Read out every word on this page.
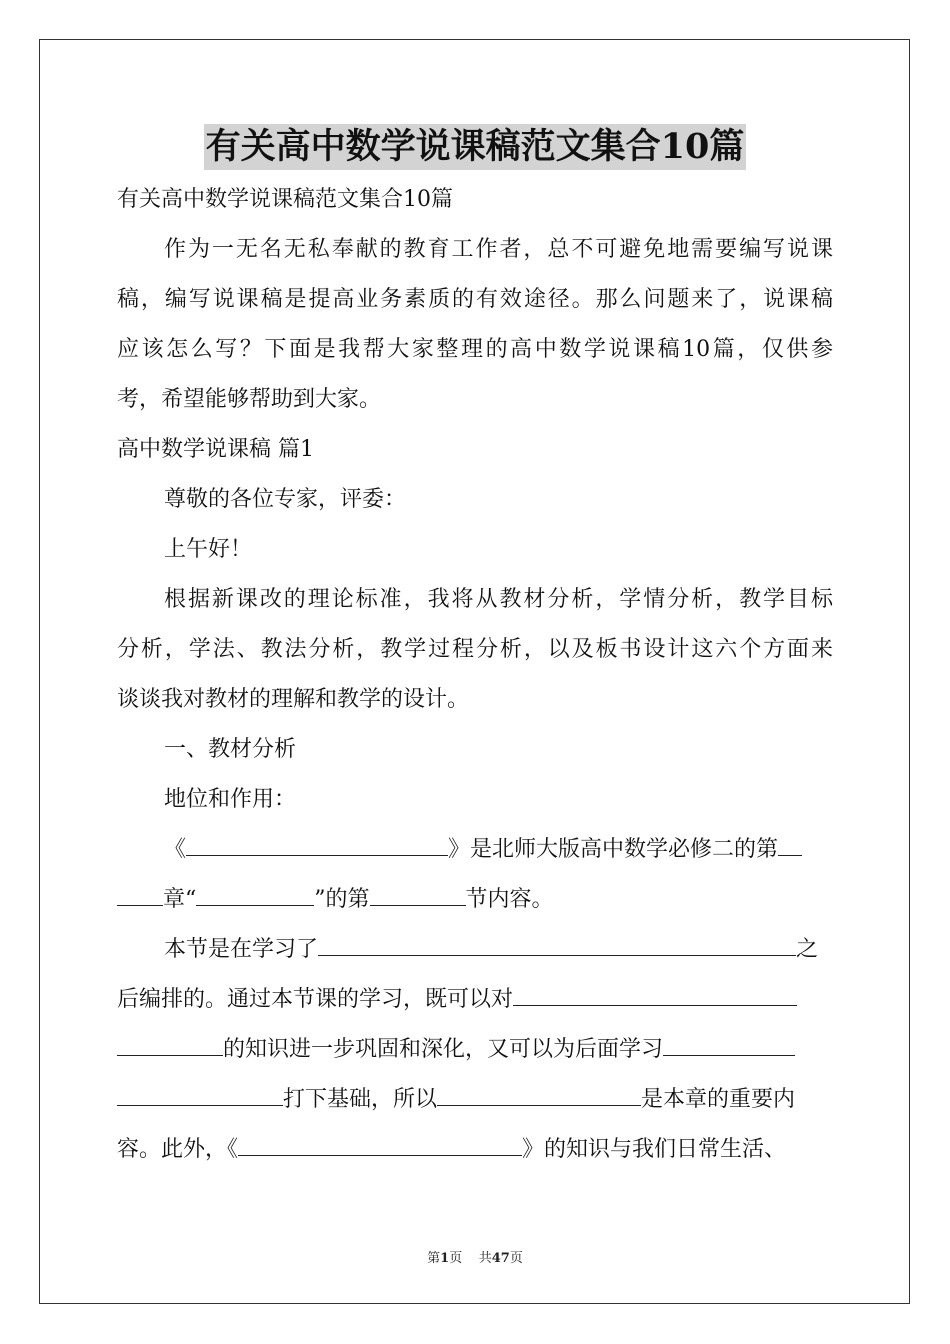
有关高中数学说课稿范文集合10篇
有关高中数学说课稿范文集合10篇
作为一无名无私奉献的教育工作者，总不可避免地需要编写说课
稿，编写说课稿是提高业务素质的有效途径。那么问题来了，说课稿
应该怎么写？下面是我帮大家整理的高中数学说课稿10篇，仅供参
考，希望能够帮助到大家。
高中数学说课稿 篇1
尊敬的各位专家，评委：
上午好！
根据新课改的理论标准，我将从教材分析，学情分析，教学目标
分析，学法、教法分析，教学过程分析，以及板书设计这六个方面来
谈谈我对教材的理解和教学的设计。
一、教材分析
地位和作用：
《	》是北师大版高中数学必修二的第
章“	”的第	节内容。
本节是在学习了	之
后编排的。通过本节课的学习，既可以对
的知识进一步巩固和深化，又可以为后面学习
打下基础，所以	是本章的重要内
容。此外，《	》的知识与我们日常生活、
第1页 共47页
